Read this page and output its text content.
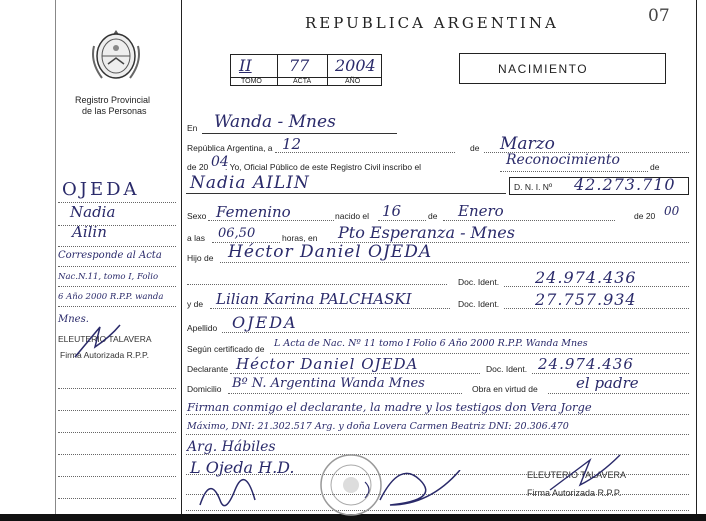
REPUBLICA ARGENTINA	07
Registro Provincial
de las Personas
II 77 2004
TOMO	ACTA	AÑO
NACIMIENTO
En Wanda - Mnes
República Argentina, a 12	de Marzo
de 20 04
. Yo, Oficial Público de este Registro Civil inscribo el	Reconocimiento	de
Nadia AILIN	D. N. I. Nº 42.273.710
Sexo Femenino	nacido el 16	de Enero	de 20 00
a las 06,50	horas, en Pto Esperanza - Mnes
Hijo de Héctor Daniel OJEDA
Doc. Ident. 24.974.436
y de Lilian Karina PALCHASKI	Doc. Ident. 27.757.934
Apellido OJEDA
Según certificado de L Acta de Nac. Nº 11 tomo I Folio 6 Año 2000 R.P.P. Wanda Mnes
Declarante Héctor Daniel OJEDA	Doc. Ident. 24.974.436
Domicilio Bº N. Argentina Wanda Mnes	Obra en virtud de	el padre
Firman conmigo el declarante, la madre y los testigos don Vera Jorge
Máximo, DNI: 21.302.517 Arg. y doña Lovera Carmen Beatriz DNI: 20.306.470
Arg. Hábiles
L Ojeda H.D.	ELEUTERIO TALAVERA
Firma Autorizada R.P.P.
OJEDA
Nadia
Ailin
Corresponde al Acta
Nac.N.11, tomo I, Folio
6 Año 2000 R.P.P. wanda
Mnes.
ELEUTERIO TALAVERA
Firma Autorizada R.P.P.
